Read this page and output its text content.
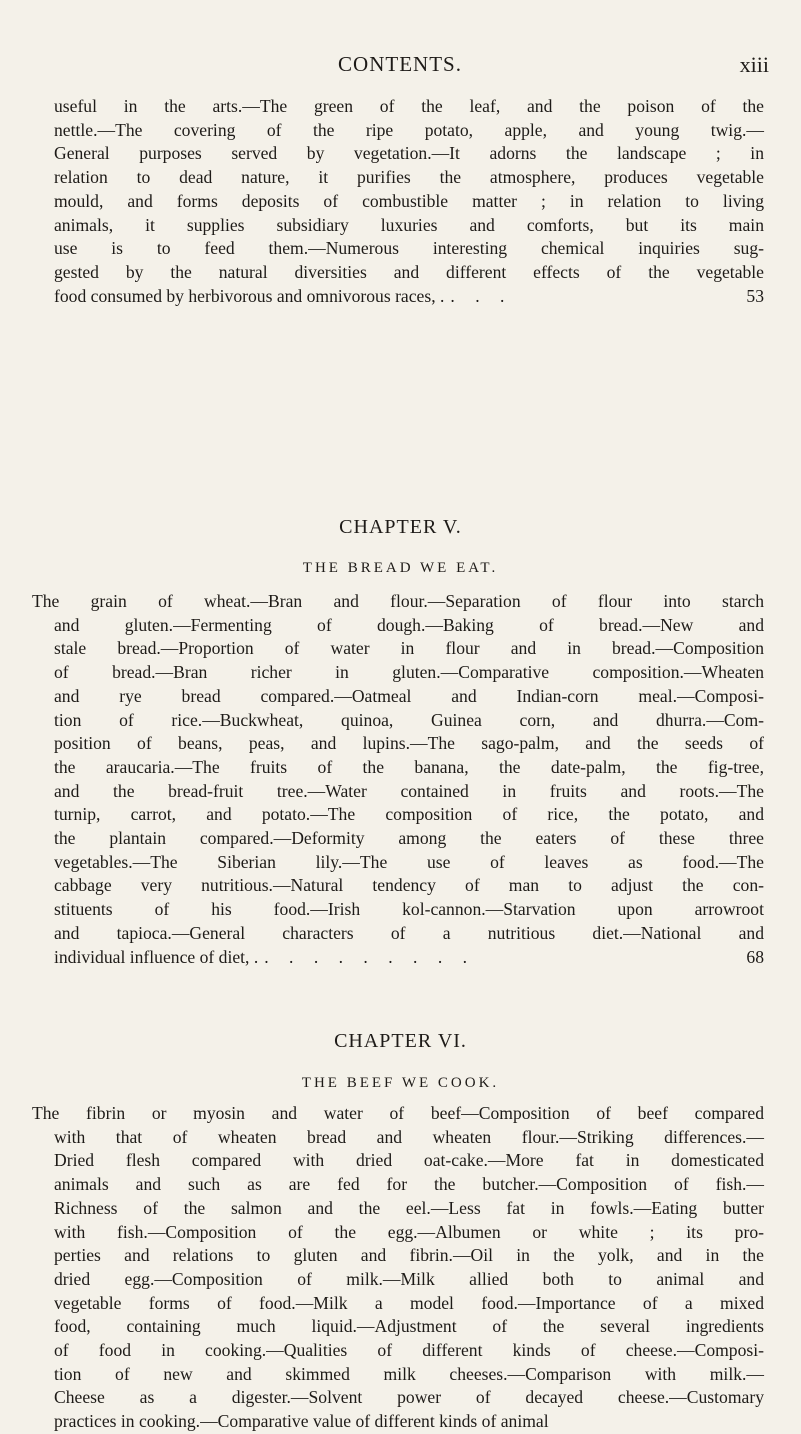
CONTENTS.	xiii
useful in the arts.—The green of the leaf, and the poison of the
nettle.—The covering of the ripe potato, apple, and young twig.—
General purposes served by vegetation.—It adorns the landscape ; in
relation to dead nature, it purifies the atmosphere, produces vegetable
mould, and forms deposits of combustible matter ; in relation to living
animals, it supplies subsidiary luxuries and comforts, but its main
use is to feed them.—Numerous interesting chemical inquiries sug-
gested by the natural diversities and different effects of the vegetable
food consumed by herbivorous and omnivorous races, . . . .	53
CHAPTER V.
THE BREAD WE EAT.
The grain of wheat.—Bran and flour.—Separation of flour into starch
and gluten.—Fermenting of dough.—Baking of bread.—New and
stale bread.—Proportion of water in flour and in bread.—Composition
of bread.—Bran richer in gluten.—Comparative composition.—Wheaten
and rye bread compared.—Oatmeal and Indian-corn meal.—Composi-
tion of rice.—Buckwheat, quinoa, Guinea corn, and dhurra.—Com-
position of beans, peas, and lupins.—The sago-palm, and the seeds of
the araucaria.—The fruits of the banana, the date-palm, the fig-tree,
and the bread-fruit tree.—Water contained in fruits and roots.—The
turnip, carrot, and potato.—The composition of rice, the potato, and
the plantain compared.—Deformity among the eaters of these three
vegetables.—The Siberian lily.—The use of leaves as food.—The
cabbage very nutritious.—Natural tendency of man to adjust the con-
stituents of his food.—Irish kol-cannon.—Starvation upon arrowroot
and tapioca.—General characters of a nutritious diet.—National and
individual influence of diet, . . . . . . . . . .	68
CHAPTER VI.
THE BEEF WE COOK.
The fibrin or myosin and water of beef—Composition of beef compared
with that of wheaten bread and wheaten flour.—Striking differences.—
Dried flesh compared with dried oat-cake.—More fat in domesticated
animals and such as are fed for the butcher.—Composition of fish.—
Richness of the salmon and the eel.—Less fat in fowls.—Eating butter
with fish.—Composition of the egg.—Albumen or white ; its pro-
perties and relations to gluten and fibrin.—Oil in the yolk, and in the
dried egg.—Composition of milk.—Milk allied both to animal and
vegetable forms of food.—Milk a model food.—Importance of a mixed
food, containing much liquid.—Adjustment of the several ingredients
of food in cooking.—Qualities of different kinds of cheese.—Composi-
tion of new and skimmed milk cheeses.—Comparison with milk.—
Cheese as a digester.—Solvent power of decayed cheese.—Customary
practices in cooking.—Comparative value of different kinds of animal
